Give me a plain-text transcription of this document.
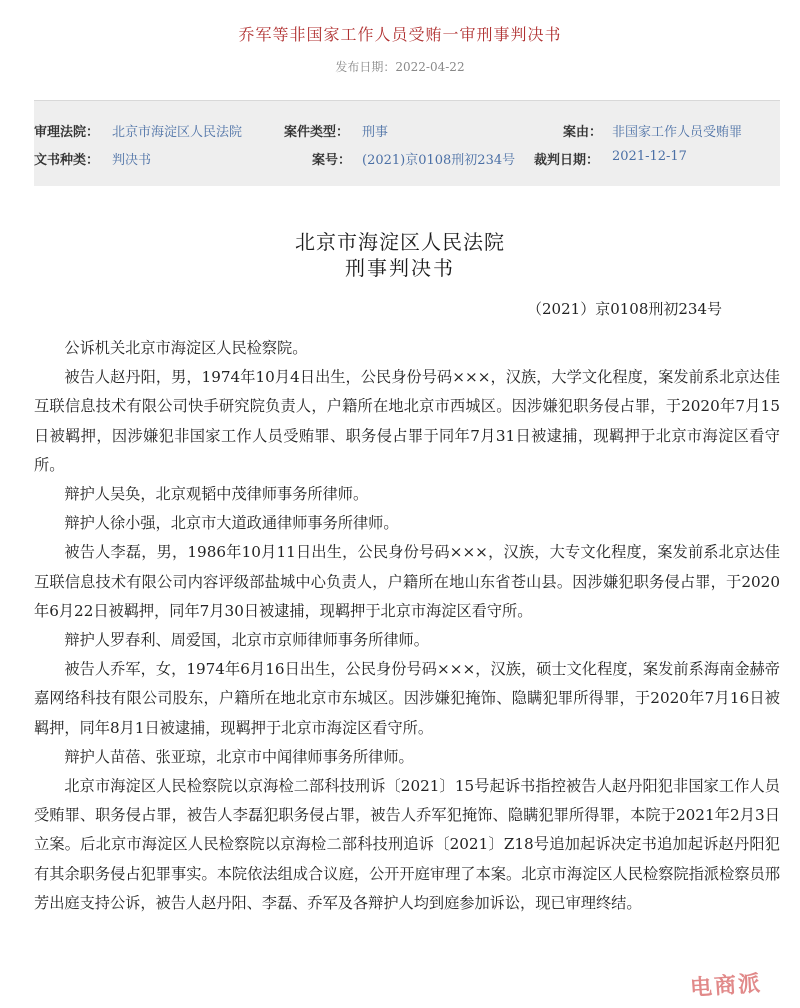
乔军等非国家工作人员受贿一审刑事判决书
发布日期：2022-04-22
审理法院： 北京市海淀区人民法院	案件类型： 刑事	案由： 非国家工作人员受贿罪
文书种类： 判决书	案号： (2021)京0108刑初234号 裁判日期： 2021-12-17
北京市海淀区人民法院
刑事判决书
（2021）京0108刑初234号

公诉机关北京市海淀区人民检察院。

被告人赵丹阳，男，1974年10月4日出生，公民身份号码×××，汉族，大学文化程度，案发前系北京达佳互联信息技术有限公司快手研究院负责人，户籍所在地北京市西城区。因涉嫌犯职务侵占罪，于2020年7月15日被羁押，因涉嫌犯非国家工作人员受贿罪、职务侵占罪于同年7月31日被逮捕，现羁押于北京市海淀区看守所。

辩护人吴奂，北京观韬中茂律师事务所律师。

辩护人徐小强，北京市大道政通律师事务所律师。

被告人李磊，男，1986年10月11日出生，公民身份号码×××，汉族，大专文化程度，案发前系北京达佳互联信息技术有限公司内容评级部盐城中心负责人，户籍所在地山东省苍山县。因涉嫌犯职务侵占罪，于2020年6月22日被羁押，同年7月30日被逮捕，现羁押于北京市海淀区看守所。

辩护人罗春利、周爱国，北京市京师律师事务所律师。

被告人乔军，女，1974年6月16日出生，公民身份号码×××，汉族，硕士文化程度，案发前系海南金赫帝嘉网络科技有限公司股东，户籍所在地北京市东城区。因涉嫌犯掩饰、隐瞒犯罪所得罪，于2020年7月16日被羁押，同年8月1日被逮捕，现羁押于北京市海淀区看守所。

辩护人苗蓓、张亚琼，北京市中闻律师事务所律师。

北京市海淀区人民检察院以京海检二部科技刑诉〔2021〕15号起诉书指控被告人赵丹阳犯非国家工作人员受贿罪、职务侵占罪，被告人李磊犯职务侵占罪，被告人乔军犯掩饰、隐瞒犯罪所得罪，本院于2021年2月3日立案。后北京市海淀区人民检察院以京海检二部科技刑追诉〔2021〕Z18号追加起诉决定书追加起诉赵丹阳犯有其余职务侵占犯罪事实。本院依法组成合议庭，公开开庭审理了本案。北京市海淀区人民检察院指派检察员邢芳出庭支持公诉，被告人赵丹阳、李磊、乔军及各辩护人均到庭参加诉讼，现已审理终结。

电商派
